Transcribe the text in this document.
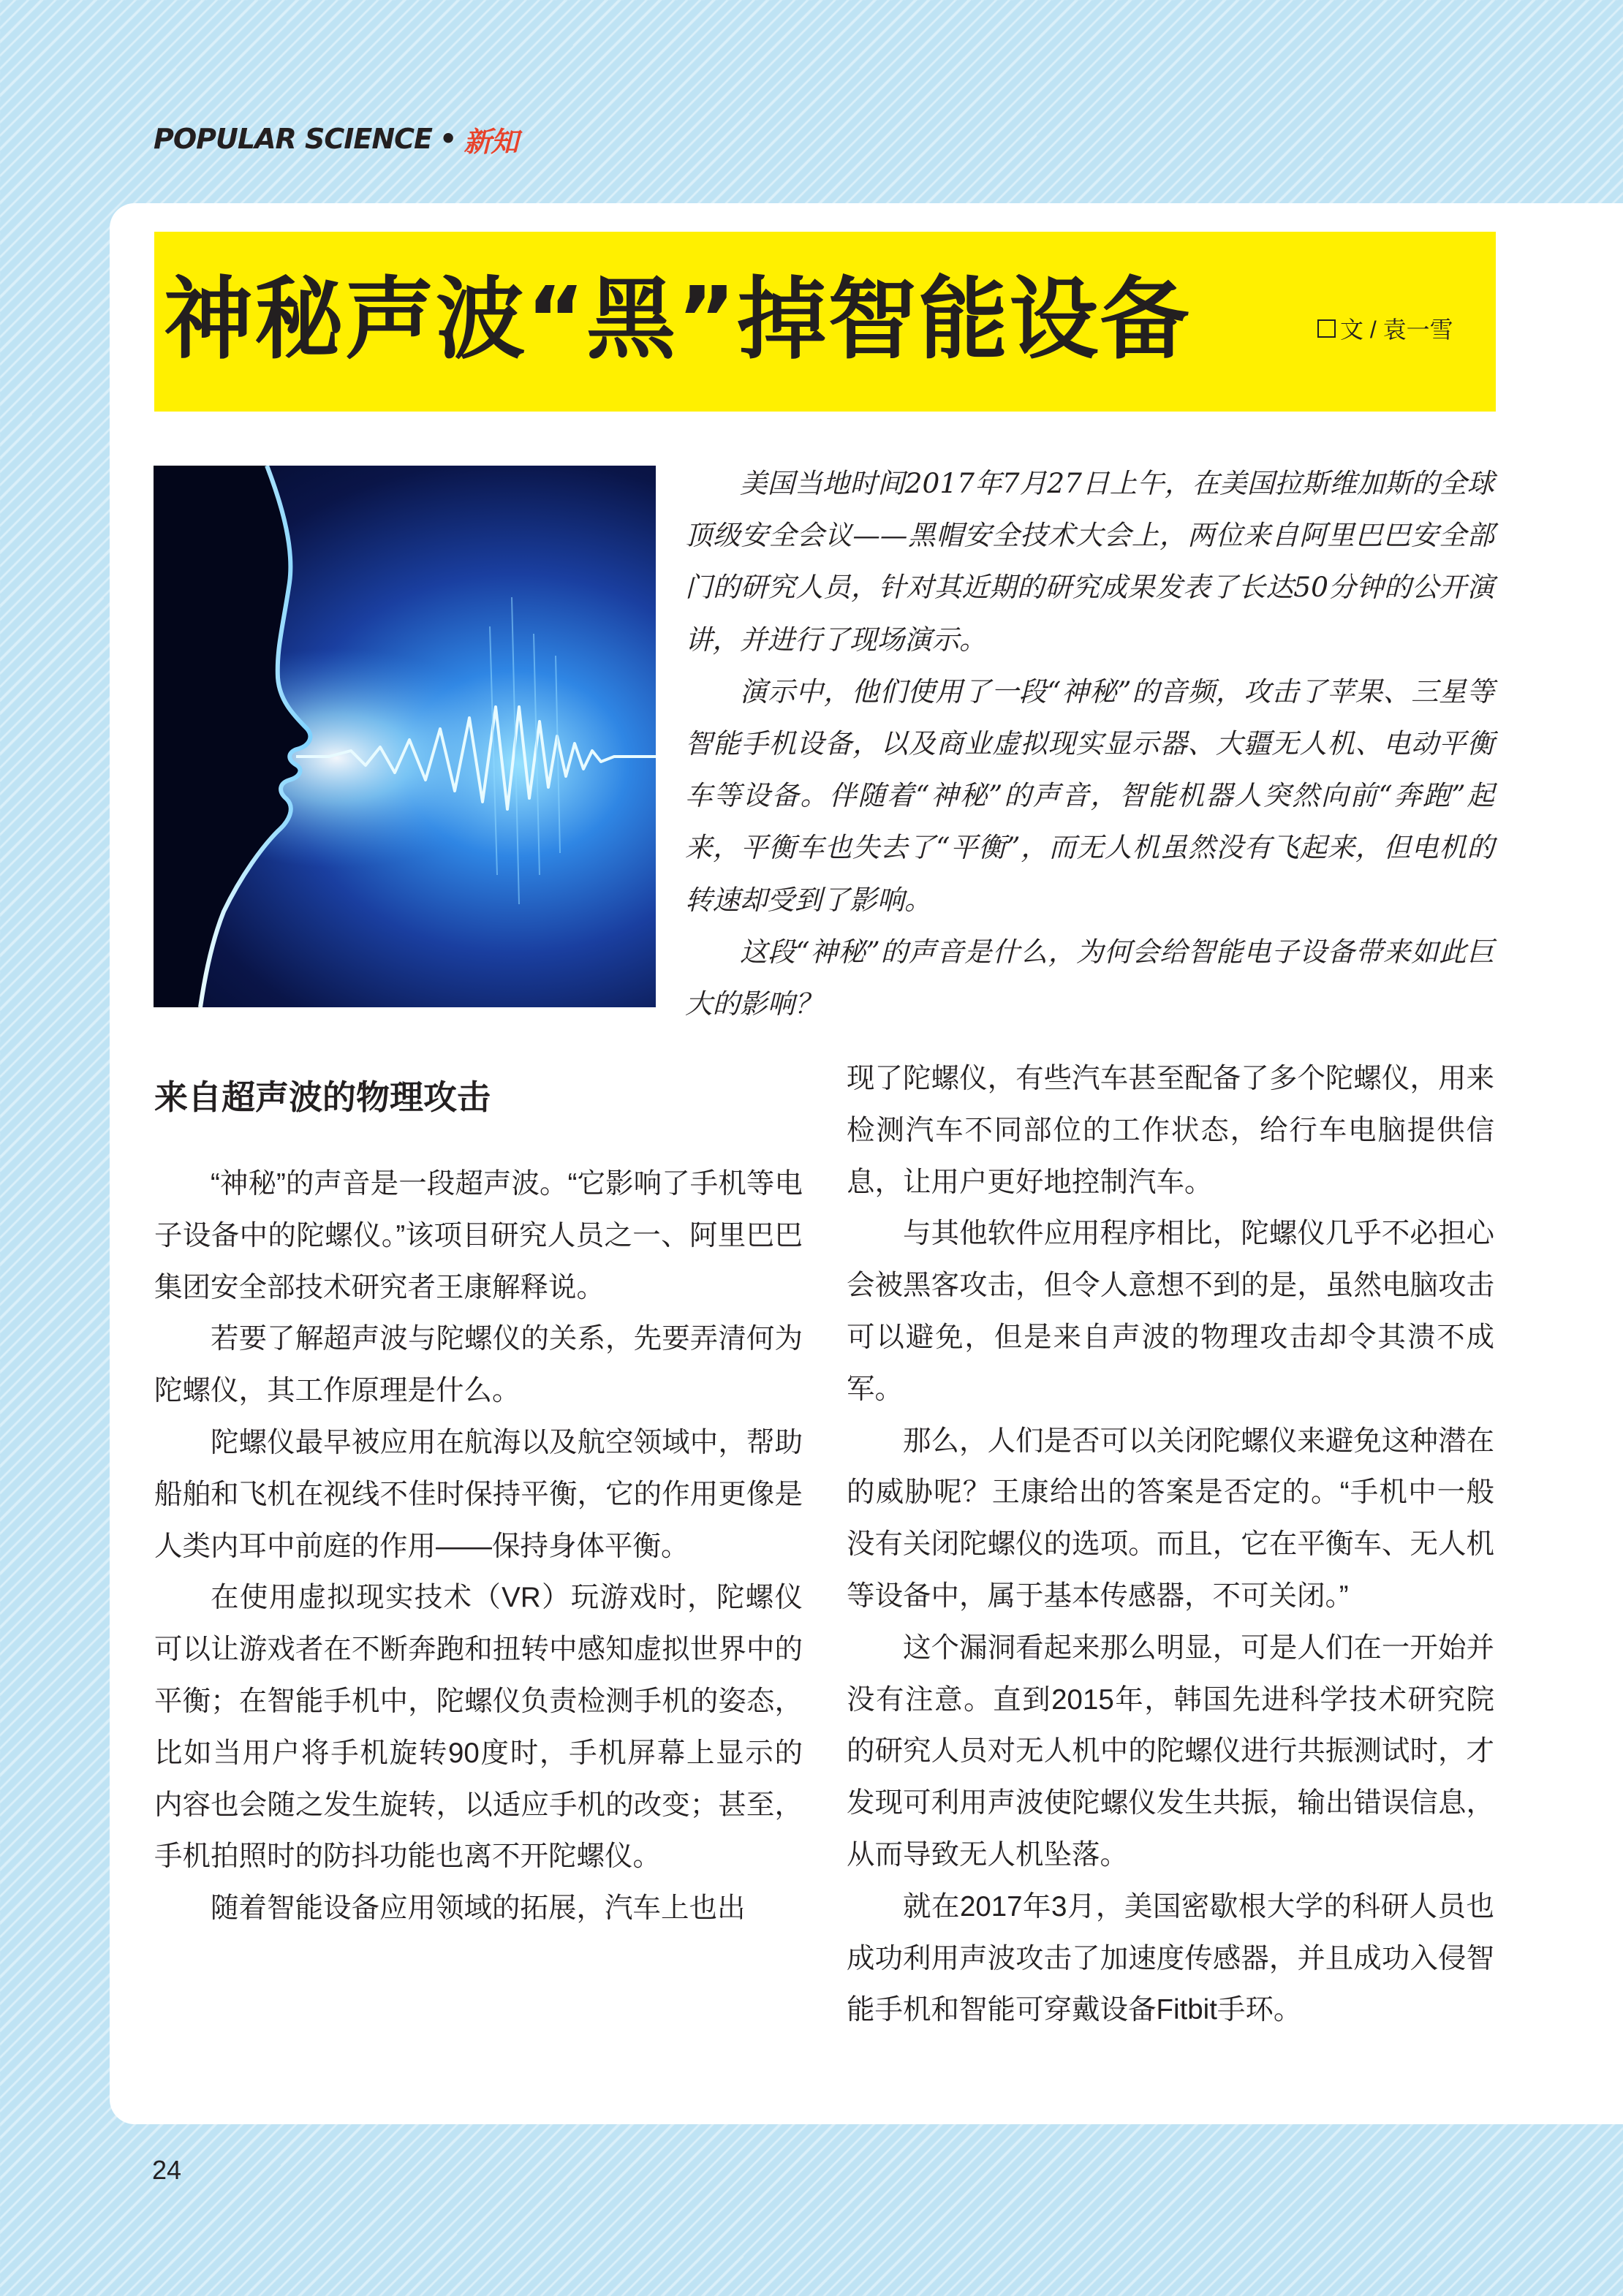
POPULAR SCIENCE • 新知
神秘声波“黑”掉智能设备	文 / 袁一雪

美国当地时间2017年7月27日上午，在美国拉斯维加斯的全球顶级安全会议——黑帽安全技术大会上，两位来自阿里巴巴安全部门的研究人员，针对其近期的研究成果发表了长达50分钟的公开演讲，并进行了现场演示。

演示中，他们使用了一段“神秘”的音频，攻击了苹果、三星等智能手机设备，以及商业虚拟现实显示器、大疆无人机、电动平衡车等设备。伴随着“神秘”的声音，智能机器人突然向前“奔跑”起来，平衡车也失去了“平衡”，而无人机虽然没有飞起来，但电机的转速却受到了影响。

这段“神秘”的声音是什么，为何会给智能电子设备带来如此巨大的影响？

来自超声波的物理攻击

“神秘”的声音是一段超声波。“它影响了手机等电子设备中的陀螺仪。”该项目研究人员之一、阿里巴巴集团安全部技术研究者王康解释说。

若要了解超声波与陀螺仪的关系，先要弄清何为陀螺仪，其工作原理是什么。

陀螺仪最早被应用在航海以及航空领域中，帮助船舶和飞机在视线不佳时保持平衡，它的作用更像是人类内耳中前庭的作用——保持身体平衡。

在使用虚拟现实技术（VR）玩游戏时，陀螺仪可以让游戏者在不断奔跑和扭转中感知虚拟世界中的平衡；在智能手机中，陀螺仪负责检测手机的姿态，比如当用户将手机旋转90度时，手机屏幕上显示的内容也会随之发生旋转，以适应手机的改变；甚至，手机拍照时的防抖功能也离不开陀螺仪。

随着智能设备应用领域的拓展，汽车上也出

现了陀螺仪，有些汽车甚至配备了多个陀螺仪，用来检测汽车不同部位的工作状态，给行车电脑提供信息，让用户更好地控制汽车。

与其他软件应用程序相比，陀螺仪几乎不必担心会被黑客攻击，但令人意想不到的是，虽然电脑攻击可以避免，但是来自声波的物理攻击却令其溃不成军。

那么，人们是否可以关闭陀螺仪来避免这种潜在的威胁呢？王康给出的答案是否定的。“手机中一般没有关闭陀螺仪的选项。而且，它在平衡车、无人机等设备中，属于基本传感器，不可关闭。”

这个漏洞看起来那么明显，可是人们在一开始并没有注意。直到2015年，韩国先进科学技术研究院的研究人员对无人机中的陀螺仪进行共振测试时，才发现可利用声波使陀螺仪发生共振，输出错误信息，从而导致无人机坠落。

就在2017年3月，美国密歇根大学的科研人员也成功利用声波攻击了加速度传感器，并且成功入侵智能手机和智能可穿戴设备Fitbit手环。

24
